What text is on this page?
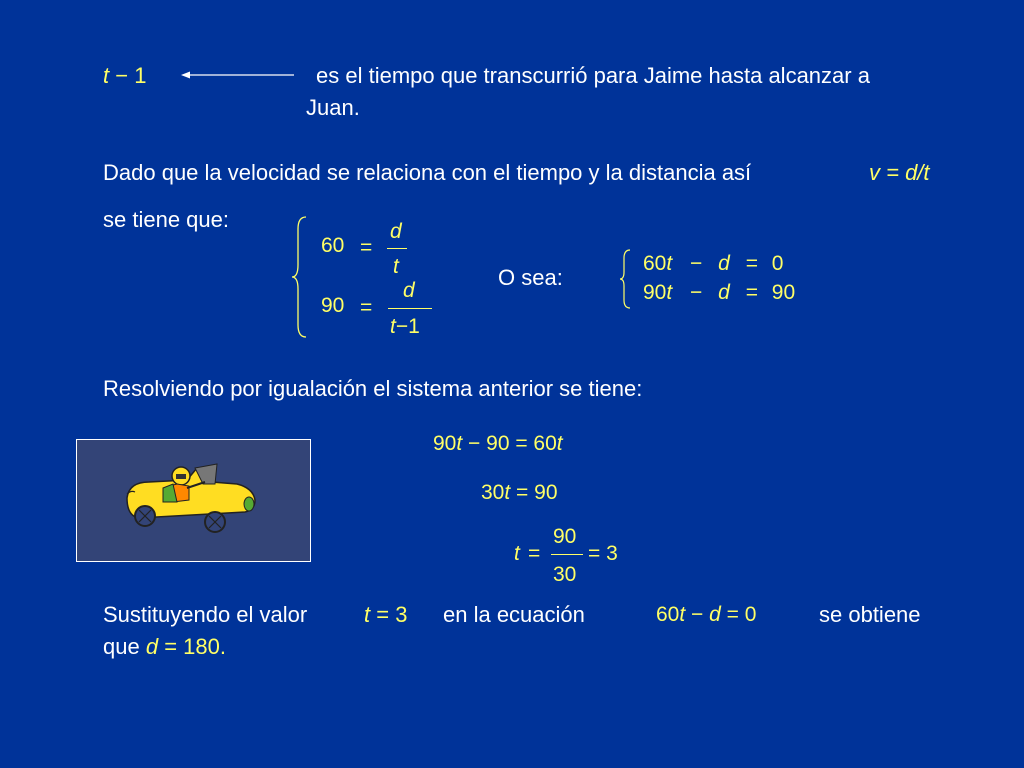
t − 1	es el tiempo que transcurrió para Jaime hasta alcanzar a
Juan.
Dado que la velocidad se relaciona con el tiempo y la distancia así	v = d/t
se tiene que:
60 =
d
t
90 =
d
t−1
O sea:
60t − d = 0
90t − d = 90
Resolviendo por igualación el sistema anterior se tiene:
90t − 90 = 60t
30t = 90
t =
90
30
= 3
Sustituyendo el valor	t = 3 en la ecuación	60t − d = 0	se obtiene
que d = 180.
